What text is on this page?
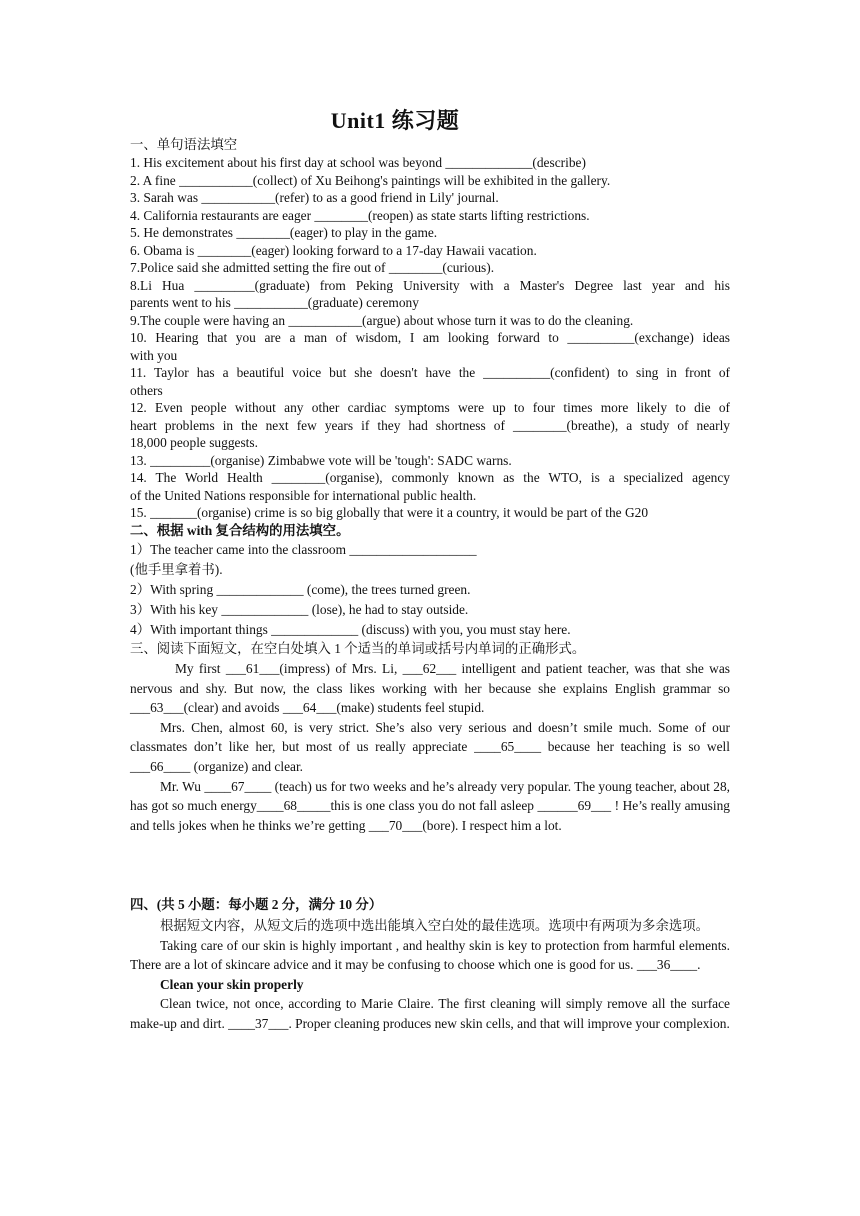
Unit1 练习题
一、单句语法填空
1. His excitement about his first day at school was beyond _____________(describe)
2. A fine ___________(collect) of Xu Beihong's paintings will be exhibited in the gallery.
3. Sarah was ___________(refer) to as a good friend in Lily' journal.
4. California restaurants are eager ________(reopen) as state starts lifting restrictions.
5. He demonstrates ________(eager) to play in the game.
6. Obama is ________(eager) looking forward to a 17-day Hawaii vacation.
7.Police said she admitted setting the fire out of ________(curious).
8.Li Hua _________(graduate) from Peking University with a Master's Degree last year and his
parents went to his ___________(graduate) ceremony
9.The couple were having an ___________(argue) about whose turn it was to do the cleaning.
10. Hearing that you are a man of wisdom, I am looking forward to __________(exchange) ideas
with you
11. Taylor has a beautiful voice but she doesn't have the __________(confident) to sing in front of
others
12. Even people without any other cardiac symptoms were up to four times more likely to die of
heart problems in the next few years if they had shortness of ________(breathe), a study of nearly
18,000 people suggests.
13. _________(organise) Zimbabwe vote will be 'tough': SADC warns.
14. The World Health ________(organise), commonly known as the WTO, is a specialized agency
of the United Nations responsible for international public health.
15. _______(organise) crime is so big globally that were it a country, it would be part of the G20
二、根据 with 复合结构的用法填空。
1）The teacher came into the classroom ___________________
(他手里拿着书).
2）With spring _____________ (come), the trees turned green.
3）With his key _____________ (lose), he had to stay outside.
4）With important things _____________ (discuss) with you, you must stay here.
三、阅读下面短文，在空白处填入 1 个适当的单词或括号内单词的正确形式。

My first ___61___(impress) of Mrs. Li, ___62___ intelligent and patient teacher, was that she was nervous and shy. But now, the class likes working with her because she explains English grammar so ___63___(clear) and avoids ___64___(make) students feel stupid.

Mrs. Chen, almost 60, is very strict. She’s also very serious and doesn’t smile much. Some of our classmates don’t like her, but most of us really appreciate ____65____ because her teaching is so well ___66____ (organize) and clear.

Mr. Wu ____67____ (teach) us for two weeks and he’s already very popular. The young teacher, about 28, has got so much energy____68_____this is one class you do not fall asleep ______69___ ! He’s really amusing and tells jokes when he thinks we’re getting ___70___(bore). I respect him a lot.

四、(共 5 小题：每小题 2 分，满分 10 分）

根据短文内容，从短文后的选项中选出能填入空白处的最佳选项。选项中有两项为多余选项。

Taking care of our skin is highly important , and healthy skin is key to protection from harmful elements. There are a lot of skincare advice and it may be confusing to choose which one is good for us. ___36____.

Clean your skin properly

Clean twice, not once, according to Marie Claire. The first cleaning will simply remove all the surface make-up and dirt. ____37___. Proper cleaning produces new skin cells, and that will improve your complexion.
